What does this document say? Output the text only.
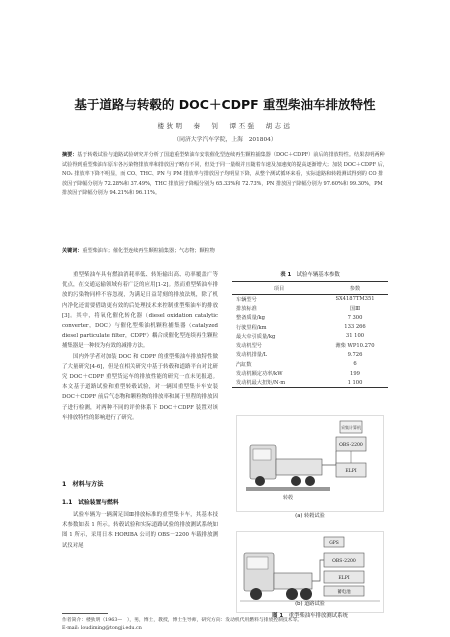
基于道路与转毂的 DOC＋CDPF 重型柴油车排放特性
楼狄明　秦　钊　谭丕强　胡志远
（同济大学汽车学院，上海　201804）
摘要：基于转毂试验与道路试验研究并分析了国道重型柴油车安装催化型连续再生颗粒捕集器（DOC＋CDPF）前后的排放特性。结果表明两种试验得到重型柴油车原车各污染物排放率和排放因子略有不同，但处于同一量级并且随着车速及加速度的提高逐渐增大；加装 DOC＋CDPF 后，NOₓ 排放率下降不明显，而 CO、THC、PN 与 PM 排放率与排放因子均明显下降，从整个测试循环来看，实际道路和转毂测试得到的 CO 排放因子降幅分别为 72.28%和 37.49%，THC 排放因子降幅分别为 65.33%和 72.73%，PN 排放因子降幅分别为 97.60%和 99.30%，PM 排放因子降幅分别为 94.21%和 96.11%。
关键词：重型柴油车；催化型连续再生颗粒捕集器；气态物；颗粒物

重型柴油车具有燃油消耗率低、转矩输出高、功率覆盖广等优点，在交通运输领域有着广泛的应用[1-2]。然而重型柴油车排放的污染物同样不容忽视，为满足日益苛刻的排放法规，除了机内净化还需要借助更有效的后处理技术来控制重型柴油车的排放[3]。其中，将氧化催化转化器（diesel oxidation catalytic converter，DOC）与催化型柴油机颗粒捕集器（catalyzed diesel particulate filter，CDPF）耦合成催化型连续再生颗粒捕集器是一种较为有效的减排方法。

国内外学者对加装 DOC 和 CDPF 的重型柴油车排放特性做了大量研究[4-6]，但是在相关研究中基于转毂和道路平台对比研究 DOC＋CDPF 重型货运车的排放性能的研究一直未见报道。本文基于道路试验和重型转毂试验，对一辆国重型集卡车安装 DOC＋CDPF 前后气态物和颗粒物的排放率和属于里程的排放因子进行检测，对两种不同的评价体系下 DOC＋CDPF 装置对该车排放特性的影响进行了研究。

1　材料与方法
1.1　试验装置与燃料
试验车辆为一辆满足国Ⅲ排放标准的重型集卡车，其基本技术参数如表 1 所示。转毂试验和实际道路试验的排放测试系统如图 1 所示，采用日本 HORIBA 公司的 OBS－2200 车载排放测试仪对尾
表 1　 试验车辆基本参数
项目	参数
车辆型号	SX4187TM351
排放标准	国Ⅲ
整备质量/kg	7 300
行驶里程/km	133 266
最大牵引质量/kg	31 100
发动机型号	潍柴 WP10.270
发动机排量/L	9.726
汽缸数	6
发动机额定功率/kW	199
发动机最大扭矩/N·m	1 100
转毂
OBS-2200
ELPI
采集计算机
(a) 转毂试验
GPS
OBS-2200
ELPI
蓄电池
(b) 道路试验
图 1　 重型柴油车排放测试系统
作者简介：楼狄明（1963—　），男，博士，教授，博士生导师，研究方向：发动机代用燃料与排放控制技术等。
E-mail: loudiming@tongji.edu.cn
